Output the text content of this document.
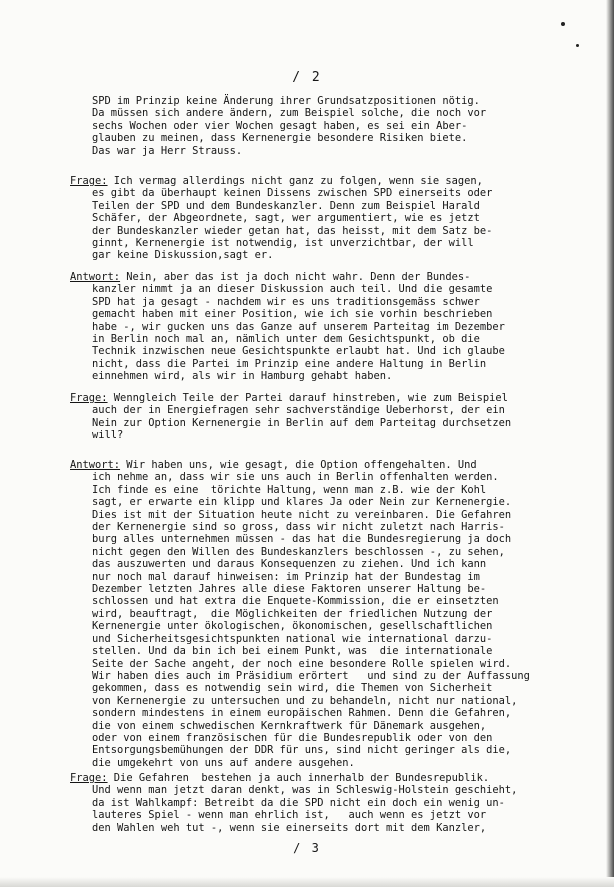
/ 2
SPD im Prinzip keine Änderung ihrer Grundsatzpositionen nötig.
Da müssen sich andere ändern, zum Beispiel solche, die noch vor
sechs Wochen oder vier Wochen gesagt haben, es sei ein Aber-
glauben zu meinen, dass Kernenergie besondere Risiken biete.
Das war ja Herr Strauss.
Frage: Ich vermag allerdings nicht ganz zu folgen, wenn sie sagen,
es gibt da überhaupt keinen Dissens zwischen SPD einerseits oder
Teilen der SPD und dem Bundeskanzler. Denn zum Beispiel Harald
Schäfer, der Abgeordnete, sagt, wer argumentiert, wie es jetzt
der Bundeskanzler wieder getan hat, das heisst, mit dem Satz be-
ginnt, Kernenergie ist notwendig, ist unverzichtbar, der will
gar keine Diskussion,sagt er.
Antwort: Nein, aber das ist ja doch nicht wahr. Denn der Bundes-
kanzler nimmt ja an dieser Diskussion auch teil. Und die gesamte
SPD hat ja gesagt - nachdem wir es uns traditionsgemäss schwer
gemacht haben mit einer Position, wie ich sie vorhin beschrieben
habe -, wir gucken uns das Ganze auf unserem Parteitag im Dezember
in Berlin noch mal an, nämlich unter dem Gesichtspunkt, ob die
Technik inzwischen neue Gesichtspunkte erlaubt hat. Und ich glaube
nicht, dass die Partei im Prinzip eine andere Haltung in Berlin
einnehmen wird, als wir in Hamburg gehabt haben.
Frage: Wenngleich Teile der Partei darauf hinstreben, wie zum Beispiel
auch der in Energiefragen sehr sachverständige Ueberhorst, der ein
Nein zur Option Kernenergie in Berlin auf dem Parteitag durchsetzen
will?
Antwort: Wir haben uns, wie gesagt, die Option offengehalten. Und
ich nehme an, dass wir sie uns auch in Berlin offenhalten werden.
Ich finde es eine  törichte Haltung, wenn man z.B. wie der Kohl
sagt, er erwarte ein klipp und klares Ja oder Nein zur Kernenergie.
Dies ist mit der Situation heute nicht zu vereinbaren. Die Gefahren
der Kernenergie sind so gross, dass wir nicht zuletzt nach Harris-
burg alles unternehmen müssen - das hat die Bundesregierung ja doch
nicht gegen den Willen des Bundeskanzlers beschlossen -, zu sehen,
das auszuwerten und daraus Konsequenzen zu ziehen. Und ich kann
nur noch mal darauf hinweisen: im Prinzip hat der Bundestag im
Dezember letzten Jahres alle diese Faktoren unserer Haltung be-
schlossen und hat extra die Enquete-Kommission, die er einsetzten
wird, beauftragt,  die Möglichkeiten der friedlichen Nutzung der
Kernenergie unter ökologischen, ökonomischen, gesellschaftlichen
und Sicherheitsgesichtspunkten national wie international darzu-
stellen. Und da bin ich bei einem Punkt, was  die internationale
Seite der Sache angeht, der noch eine besondere Rolle spielen wird.
Wir haben dies auch im Präsidium erörtert   und sind zu der Auffassung
gekommen, dass es notwendig sein wird, die Themen von Sicherheit
von Kernenergie zu untersuchen und zu behandeln, nicht nur national,
sondern mindestens in einem europäischen Rahmen. Denn die Gefahren,
die von einem schwedischen Kernkraftwerk für Dänemark ausgehen,
oder von einem französischen für die Bundesrepublik oder von den
Entsorgungsbemühungen der DDR für uns, sind nicht geringer als die,
die umgekehrt von uns auf andere ausgehen.
Frage: Die Gefahren  bestehen ja auch innerhalb der Bundesrepublik.
Und wenn man jetzt daran denkt, was in Schleswig-Holstein geschieht,
da ist Wahlkampf: Betreibt da die SPD nicht ein doch ein wenig un-
lauteres Spiel - wenn man ehrlich ist,   auch wenn es jetzt vor
den Wahlen weh tut -, wenn sie einerseits dort mit dem Kanzler,
/ 3
